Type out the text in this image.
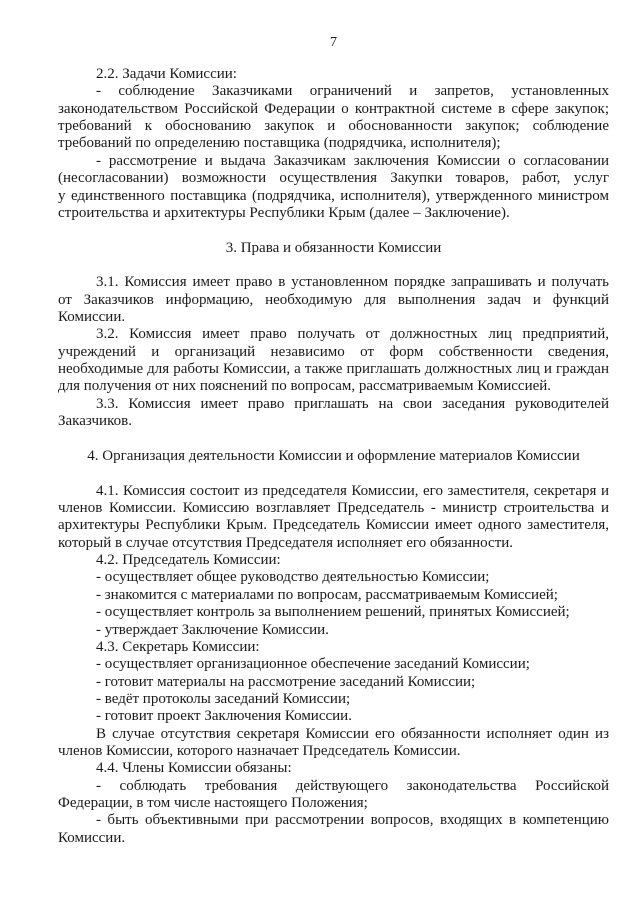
7
2.2. Задачи Комиссии:
- соблюдение Заказчиками ограничений и запретов, установленных
законодательством Российской Федерации о контрактной системе в сфере закупок;
требований к обоснованию закупок и обоснованности закупок; соблюдение
требований по определению поставщика (подрядчика, исполнителя);
- рассмотрение и выдача Заказчикам заключения Комиссии о согласовании
(несогласовании) возможности осуществления Закупки товаров, работ, услуг
у единственного поставщика (подрядчика, исполнителя), утвержденного министром
строительства и архитектуры Республики Крым (далее – Заключение).
3. Права и обязанности Комиссии
3.1. Комиссия имеет право в установленном порядке запрашивать и получать
от Заказчиков информацию, необходимую для выполнения задач и функций
Комиссии.
3.2. Комиссия имеет право получать от должностных лиц предприятий,
учреждений и организаций независимо от форм собственности сведения,
необходимые для работы Комиссии, а также приглашать должностных лиц и граждан
для получения от них пояснений по вопросам, рассматриваемым Комиссией.
3.3. Комиссия имеет право приглашать на свои заседания руководителей
Заказчиков.
4. Организация деятельности Комиссии и оформление материалов Комиссии
4.1. Комиссия состоит из председателя Комиссии, его заместителя, секретаря и
членов Комиссии. Комиссию возглавляет Председатель - министр строительства и
архитектуры Республики Крым. Председатель Комиссии имеет одного заместителя,
который в случае отсутствия Председателя исполняет его обязанности.
4.2. Председатель Комиссии:
- осуществляет общее руководство деятельностью Комиссии;
- знакомится с материалами по вопросам, рассматриваемым Комиссией;
- осуществляет контроль за выполнением решений, принятых Комиссией;
- утверждает Заключение Комиссии.
4.3. Секретарь Комиссии:
- осуществляет организационное обеспечение заседаний Комиссии;
- готовит материалы на рассмотрение заседаний Комиссии;
- ведёт протоколы заседаний Комиссии;
- готовит проект Заключения Комиссии.
В случае отсутствия секретаря Комиссии его обязанности исполняет один из
членов Комиссии, которого назначает Председатель Комиссии.
4.4. Члены Комиссии обязаны:
- соблюдать требования действующего законодательства Российской
Федерации, в том числе настоящего Положения;
- быть объективными при рассмотрении вопросов, входящих в компетенцию
Комиссии.
